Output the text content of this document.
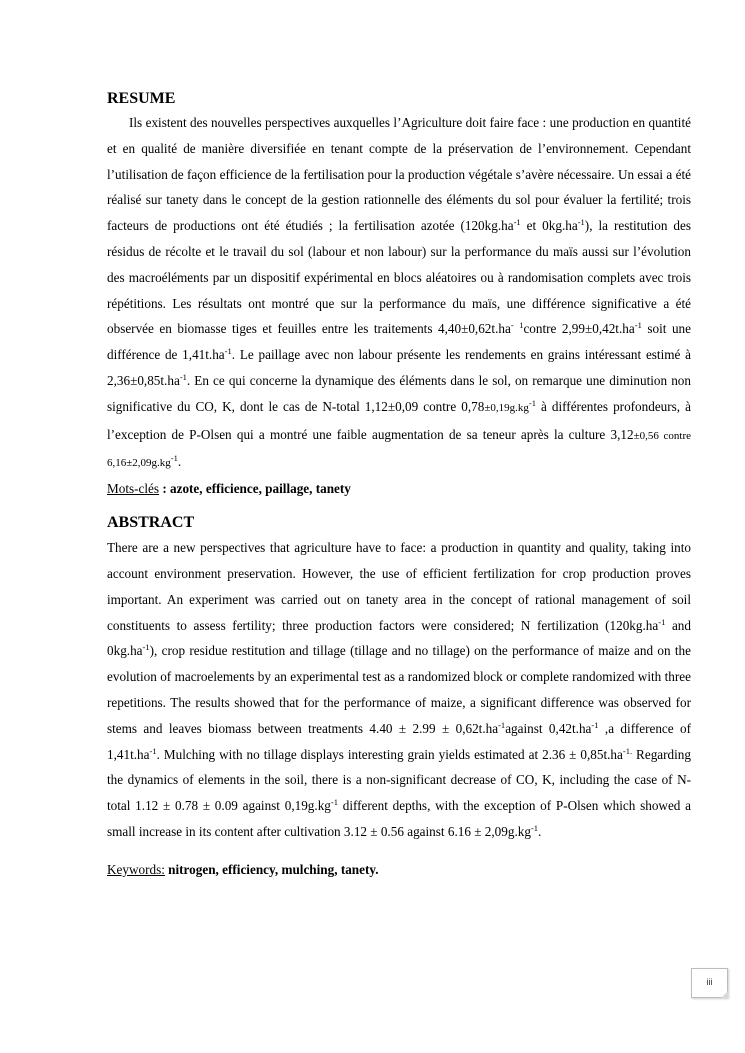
RESUME

Ils existent des nouvelles perspectives auxquelles l’Agriculture doit faire face : une production en quantité et en qualité de manière diversifiée en tenant compte de la préservation de l’environnement. Cependant l’utilisation de façon efficience de la fertilisation pour la production végétale s’avère nécessaire. Un essai a été réalisé sur tanety dans le concept de la gestion rationnelle des éléments du sol pour évaluer la fertilité; trois facteurs de productions ont été étudiés ; la fertilisation azotée ($120kg.ha^{-1}$ et $0kg.ha^{-1}$), la restitution des résidus de récolte et le travail du sol (labour et non labour) sur la performance du maïs aussi sur l’évolution des macroéléments par un dispositif expérimental en blocs aléatoires ou à randomisation complets avec trois répétitions. Les résultats ont montré que sur la performance du maïs, une différence significative a été observée en biomasse tiges et feuilles entre les traitements 4,40±0,62t.ha- $^1$contre $2,99\pm 0,42t.ha^{-1}$ soit une différence de $1,41t.ha^{-1}$. Le paillage avec non labour présente les rendements en grains intéressant estimé à $2,36\pm 0,85t.ha^{-1}$. En ce qui concerne la dynamique des éléments dans le sol, on remarque une diminution non significative du CO, K, dont le cas de N-total 1,12±0,09 contre $0,78\pm 0,19g.kg^{-1}$ à différentes profondeurs, à l’exception de P-Olsen qui a montré une faible augmentation de sa teneur après la culture 3,12±0,56 contre $6,16\pm 2,09g.kg^{-1}$.

Mots-clés : azote, efficience, paillage, tanety

ABSTRACT

There are a new perspectives that agriculture have to face: a production in quantity and quality, taking into account environment preservation. However, the use of efficient fertilization for crop production proves important. An experiment was carried out on tanety area in the concept of rational management of soil constituents to assess fertility; three production factors were considered; N fertilization ($120kg.ha^{-1}$ and $0kg.ha^{-1}$), crop residue restitution and tillage (tillage and no tillage) on the performance of maize and on the evolution of macroelements by an experimental test as a randomized block or complete randomized with three repetitions. The results showed that for the performance of maize, a significant difference was observed for stems and leaves biomass between treatments $4.40 \pm 2.99 \pm 0,62t.ha^{-1}against$ $0,42t.ha^{-1}$ ,a difference of $1,41t.ha^{-1}$. Mulching with no tillage displays interesting grain yields estimated at $2.36 \pm 0,85t.ha^{-1.}$ Regarding the dynamics of elements in the soil, there is a non-significant decrease of CO, K, including the case of N-total 1.12 ± 0.78 ± 0.09 against $0,19g.kg^{-1}$ different depths, with the exception of P-Olsen which showed a small increase in its content after cultivation 3.12 ± 0.56 against $6.16 \pm 2,09g.kg^{-1}$.

Keywords: nitrogen, efficiency, mulching, tanety.

iii
